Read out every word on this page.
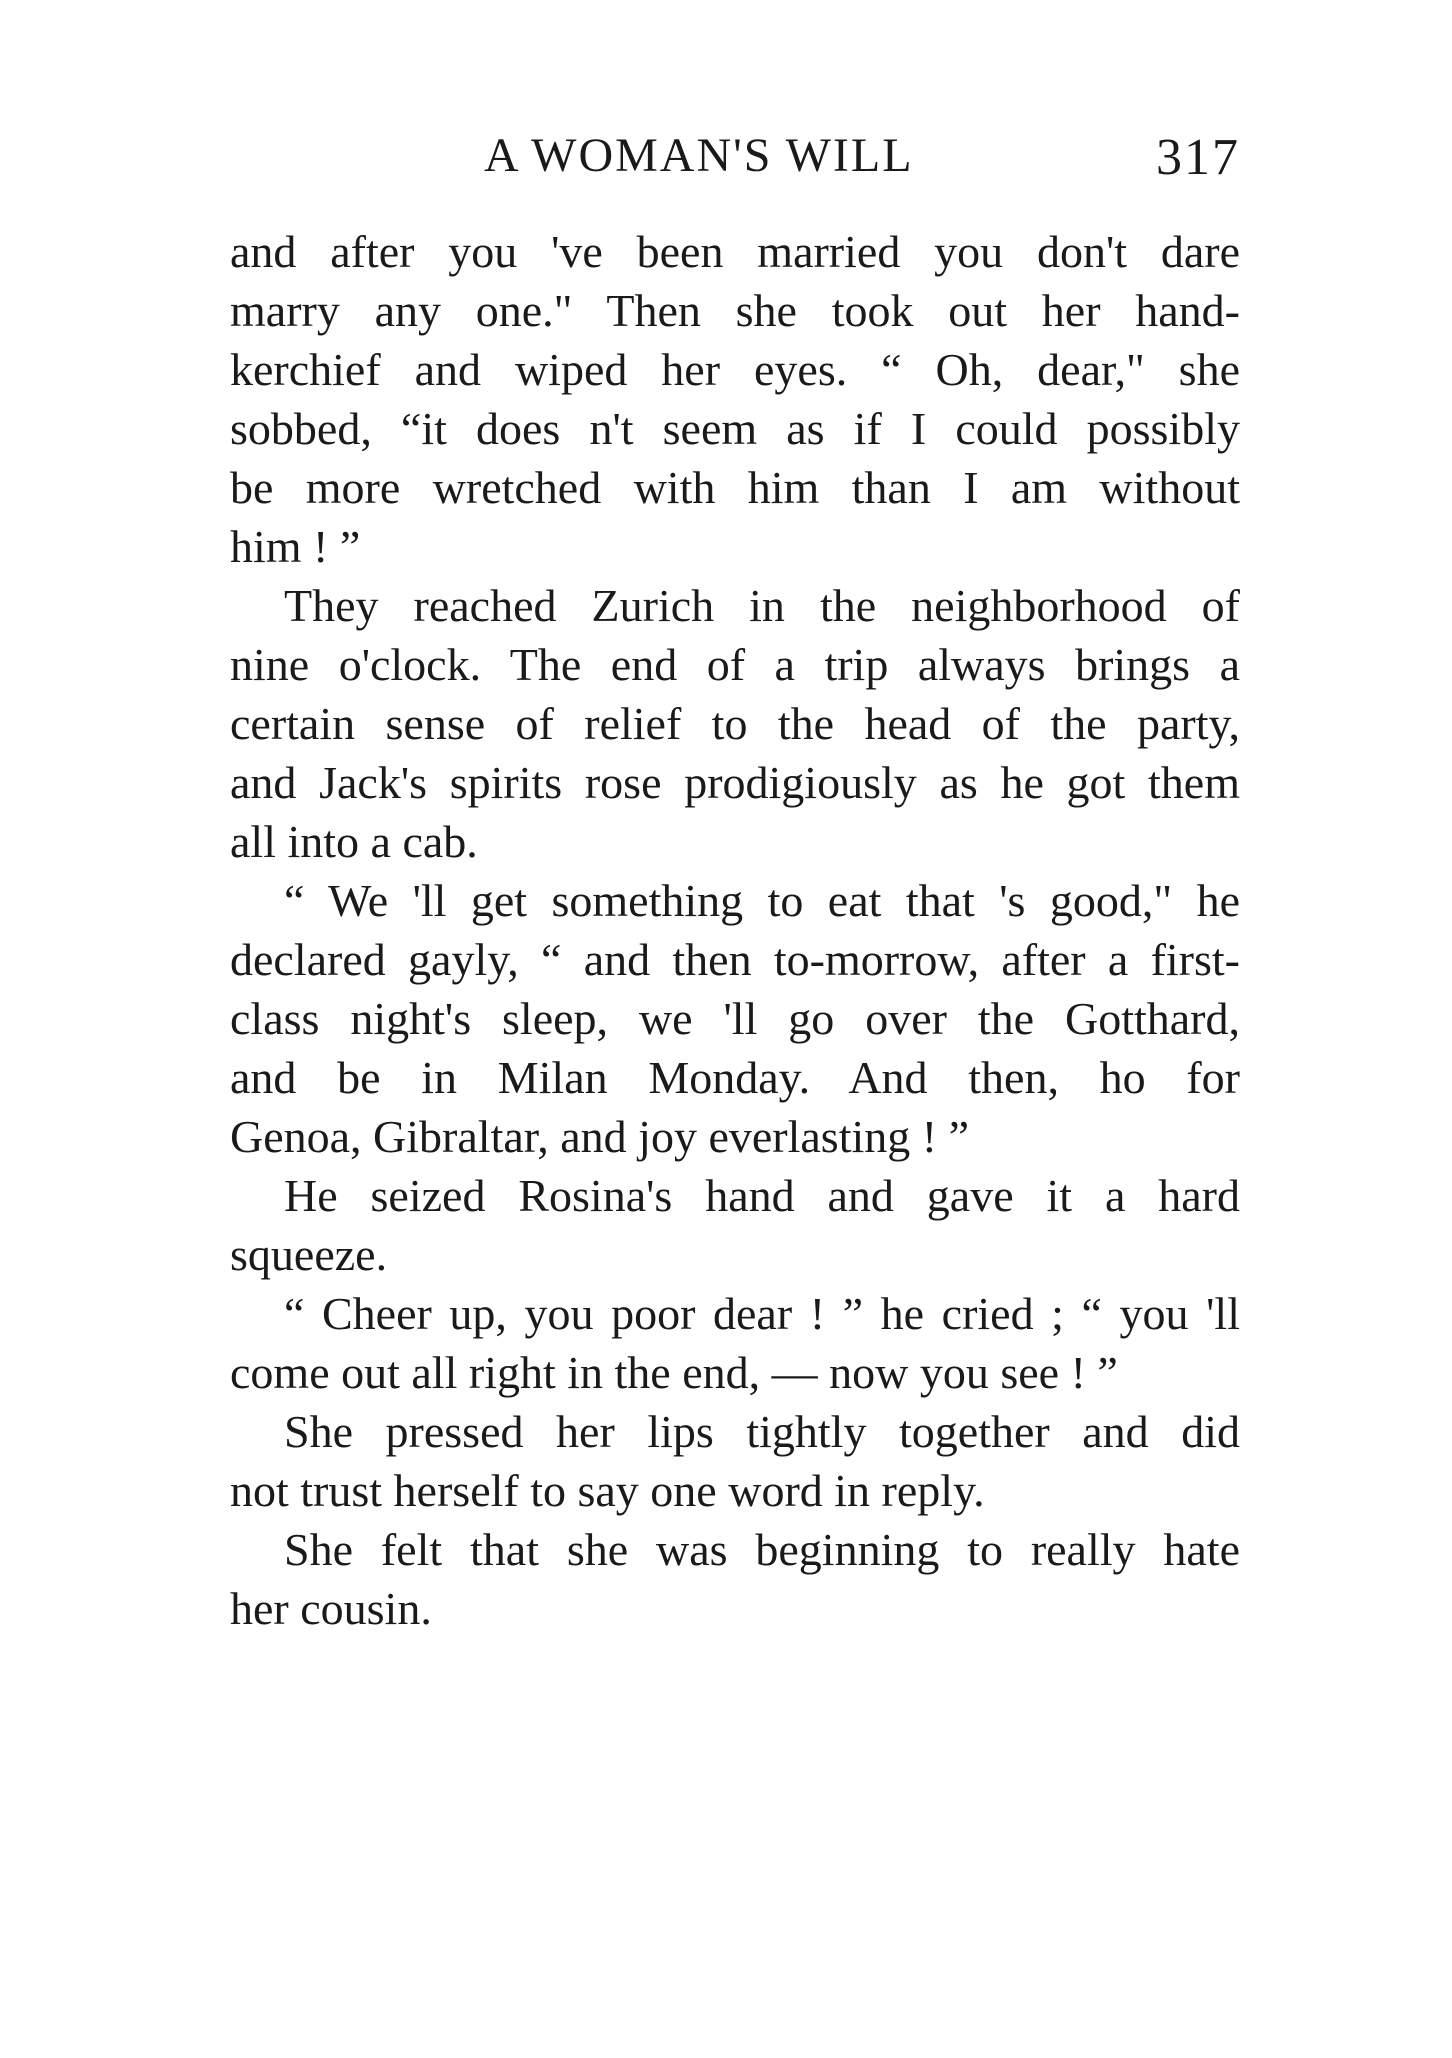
A WOMAN'S WILL	317
and after you 've been married you don't dare
marry any one." Then she took out her hand-
kerchief and wiped her eyes. “ Oh, dear," she
sobbed, “it does n't seem as if I could possibly
be more wretched with him than I am without
him ! ”
They reached Zurich in the neighborhood of
nine o'clock. The end of a trip always brings a
certain sense of relief to the head of the party,
and Jack's spirits rose prodigiously as he got them
all into a cab.
“ We 'll get something to eat that 's good," he
declared gayly, “ and then to-morrow, after a first-
class night's sleep, we 'll go over the Gotthard,
and be in Milan Monday. And then, ho for
Genoa, Gibraltar, and joy everlasting ! ”
He seized Rosina's hand and gave it a hard
squeeze.
“ Cheer up, you poor dear ! ” he cried ; “ you 'll
come out all right in the end, — now you see ! ”
She pressed her lips tightly together and did
not trust herself to say one word in reply.
She felt that she was beginning to really hate
her cousin.
